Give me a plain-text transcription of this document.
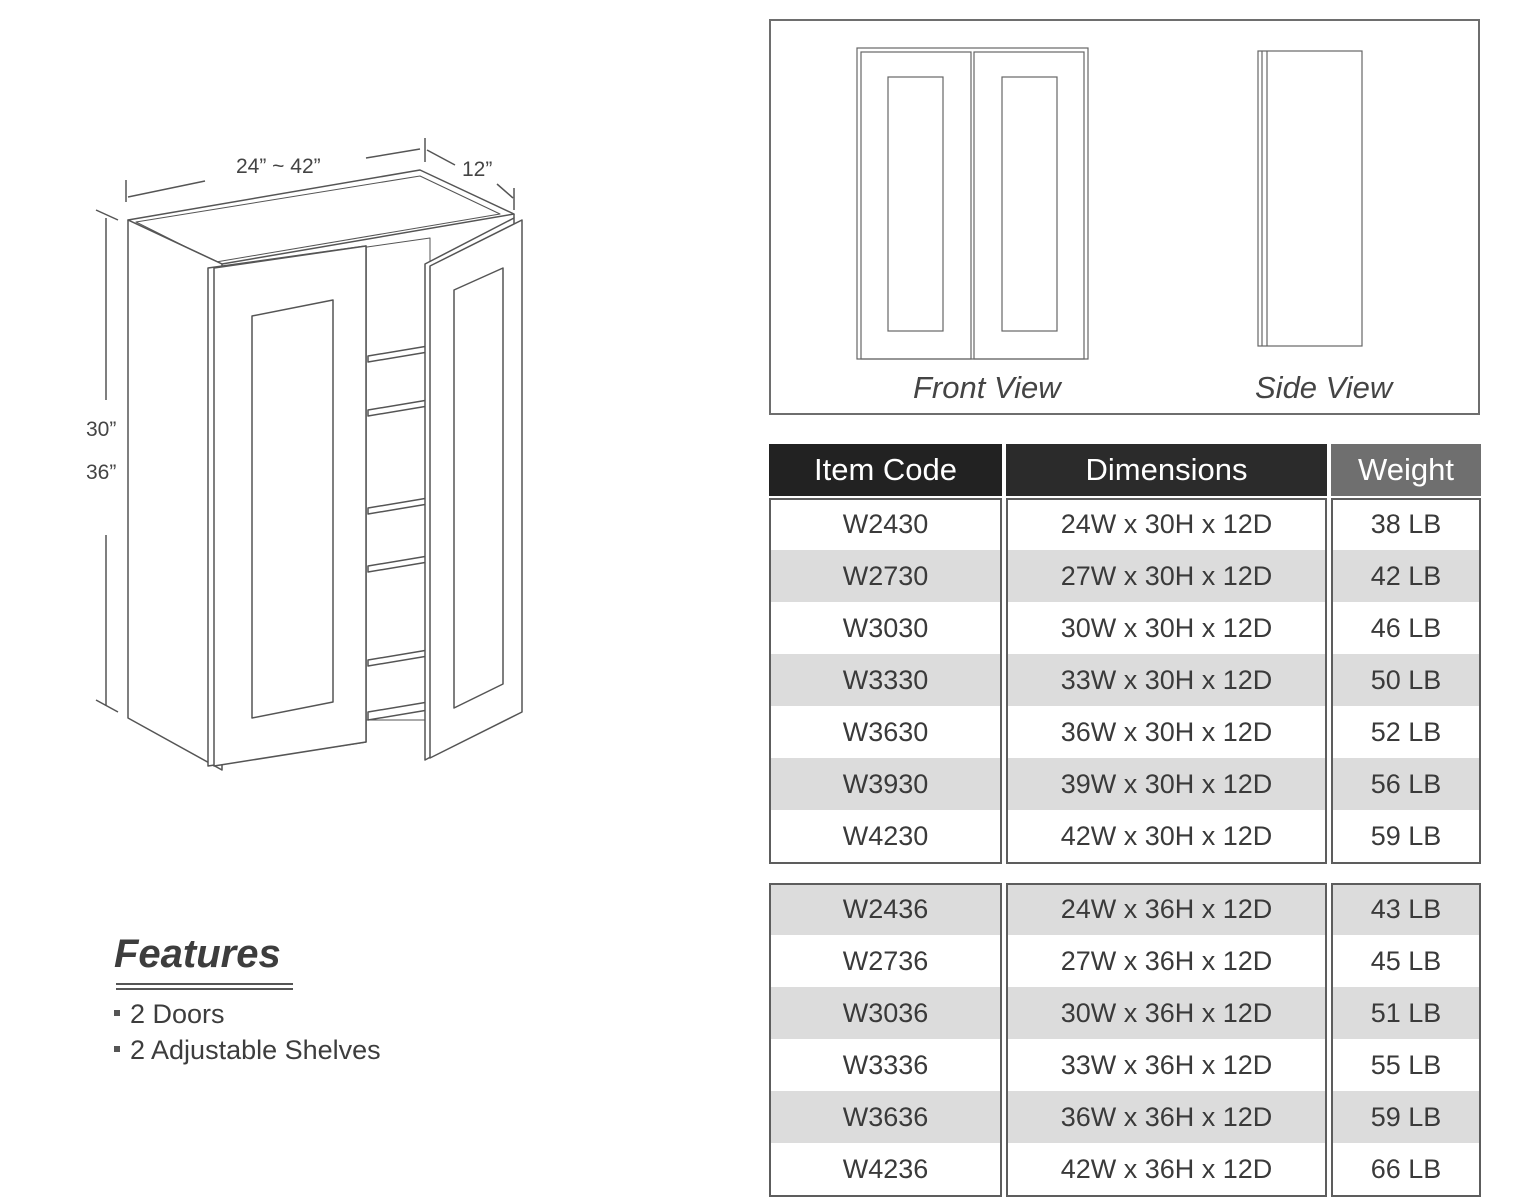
24” ~ 42”	12”
30”
36”
Front View	Side View
Item Code	Dimensions	Weight
W2430	24W x 30H x 12D	38 LB
W2730	27W x 30H x 12D	42 LB
W3030	30W x 30H x 12D	46 LB
W3330	33W x 30H x 12D	50 LB
W3630	36W x 30H x 12D	52 LB
W3930	39W x 30H x 12D	56 LB
W4230	42W x 30H x 12D	59 LB
W2436	24W x 36H x 12D	43 LB
W2736	27W x 36H x 12D	45 LB
W3036	30W x 36H x 12D	51 LB
W3336	33W x 36H x 12D	55 LB
W3636	36W x 36H x 12D	59 LB
W4236	42W x 36H x 12D	66 LB
Features
2 Doors
2 Adjustable Shelves
